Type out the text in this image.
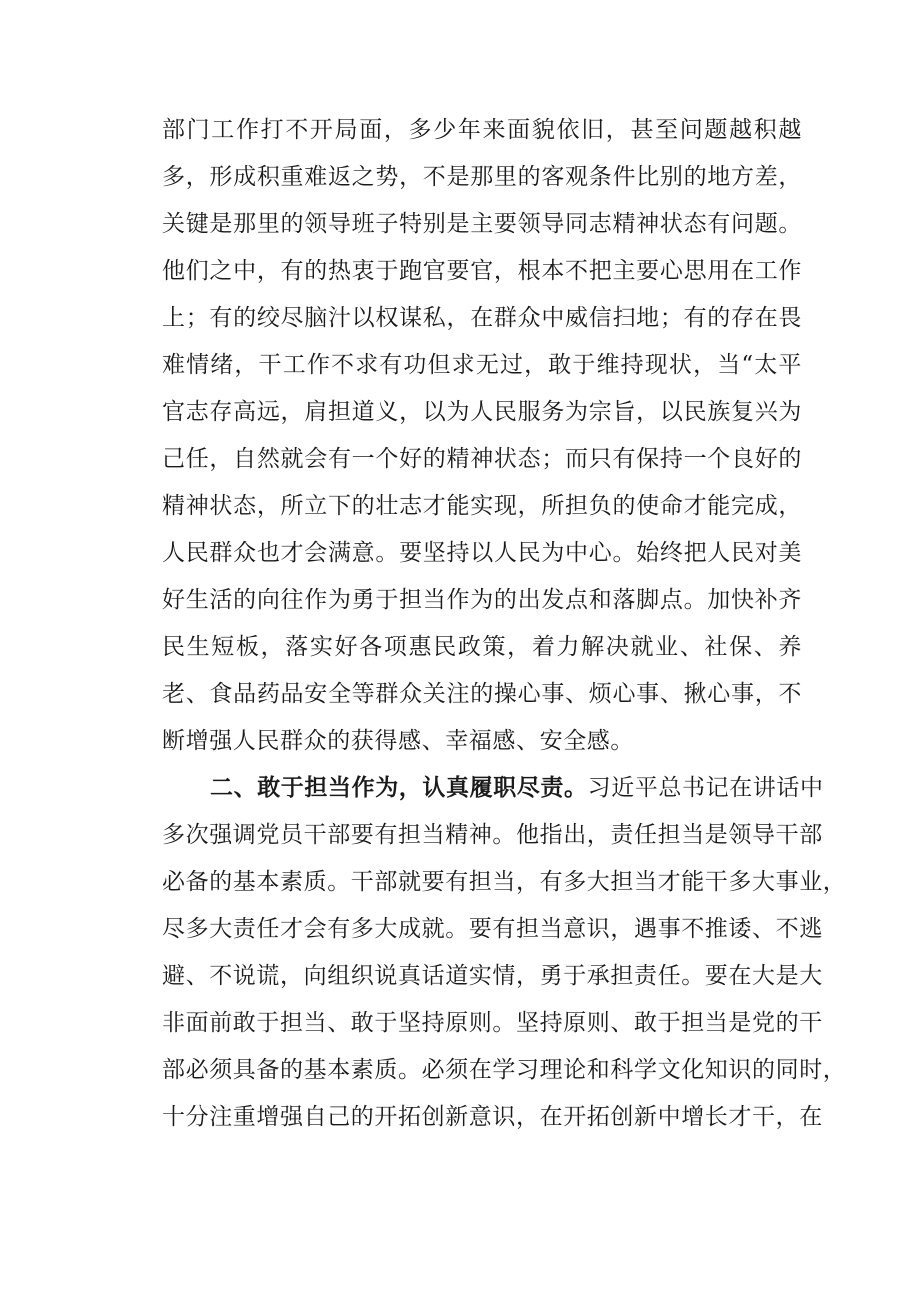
部门工作打不开局面，多少年来面貌依旧，甚至问题越积越

多，形成积重难返之势，不是那里的客观条件比别的地方差，

关键是那里的领导班子特别是主要领导同志精神状态有问题。

他们之中，有的热衷于跑官要官，根本不把主要心思用在工作

上；有的绞尽脑汁以权谋私，在群众中威信扫地；有的存在畏

难情绪，干工作不求有功但求无过，敢于维持现状，当“太平

官志存高远，肩担道义，以为人民服务为宗旨，以民族复兴为

己任，自然就会有一个好的精神状态；而只有保持一个良好的

精神状态，所立下的壮志才能实现，所担负的使命才能完成，

人民群众也才会满意。要坚持以人民为中心。始终把人民对美

好生活的向往作为勇于担当作为的出发点和落脚点。加快补齐

民生短板，落实好各项惠民政策，着力解决就业、社保、养

老、食品药品安全等群众关注的操心事、烦心事、揪心事，不

断增强人民群众的获得感、幸福感、安全感。

二、敢于担当作为，认真履职尽责。习近平总书记在讲话中

多次强调党员干部要有担当精神。他指出，责任担当是领导干部

必备的基本素质。干部就要有担当，有多大担当才能干多大事业，

尽多大责任才会有多大成就。要有担当意识，遇事不推诿、不逃

避、不说谎，向组织说真话道实情，勇于承担责任。要在大是大

非面前敢于担当、敢于坚持原则。坚持原则、敢于担当是党的干

部必须具备的基本素质。必须在学习理论和科学文化知识的同时，

十分注重增强自己的开拓创新意识，在开拓创新中增长才干，在
